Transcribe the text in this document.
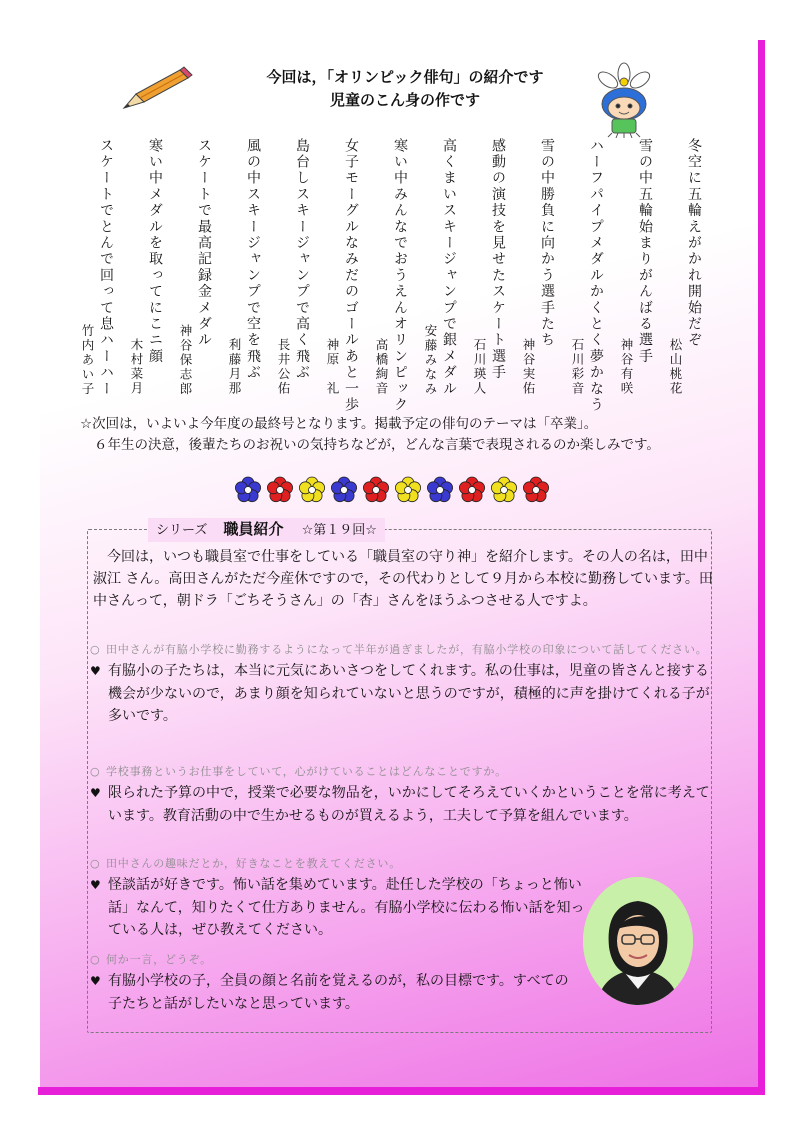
今回は，「オリンピック俳句」の紹介です
児童のこん身の作です
冬空に五輪えがかれ開始だぞ
松山桃花
雪の中五輪始まりがんばる選手
神谷有咲
ハーフパイプメダルかくとく夢かなう
石川彩音
雪の中勝負に向かう選手たち
神谷実佑
感動の演技を見せたスケート選手
石川瑛人
高くまいスキージャンプで銀メダル
安藤みなみ
寒い中みんなでおうえんオリンピック
高橋絢音
女子モーグルなみだのゴールあと一歩
神原　礼
島台しスキージャンプで高く飛ぶ
長井公佑
風の中スキージャンプで空を飛ぶ
利藤月那
スケートで最高記録金メダル
神谷保志郎
寒い中メダルを取ってにこニ顔
木村菜月
スケートでとんで回って息ハーハー
竹内あい子
☆次回は，いよいよ今年度の最終号となります。掲載予定の俳句のテーマは「卒業」。
６年生の決意，後輩たちのお祝いの気持ちなどが，どんな言葉で表現されるのか楽しみです。
シリーズ 職員紹介 ☆第１９回☆
今回は，いつも職員室で仕事をしている「職員室の守り神」を紹介します。その人の名は，田中 淑江 さん。高田さんがただ今産休ですので，その代わりとして９月から本校に勤務しています。田中さんって，朝ドラ「ごちそうさん」の「杏」さんをほうふつさせる人ですよ。
○ 田中さんが有脇小学校に勤務するようになって半年が過ぎましたが，有脇小学校の印象について話してください。
♥ 有脇小の子たちは，本当に元気にあいさつをしてくれます。私の仕事は，児童の皆さんと接する機会が少ないので，あまり顔を知られていないと思うのですが，積極的に声を掛けてくれる子が多いです。
○ 学校事務というお仕事をしていて，心がけていることはどんなことですか。
♥ 限られた予算の中で，授業で必要な物品を，いかにしてそろえていくかということを常に考えています。教育活動の中で生かせるものが買えるよう，工夫して予算を組んでいます。
○ 田中さんの趣味だとか，好きなことを教えてください。
♥ 怪談話が好きです。怖い話を集めています。赴任した学校の「ちょっと怖い話」なんて，知りたくて仕方ありません。有脇小学校に伝わる怖い話を知っている人は，ぜひ教えてください。
○ 何か一言，どうぞ。
♥ 有脇小学校の子，全員の顔と名前を覚えるのが，私の目標です。すべての子たちと話がしたいなと思っています。
